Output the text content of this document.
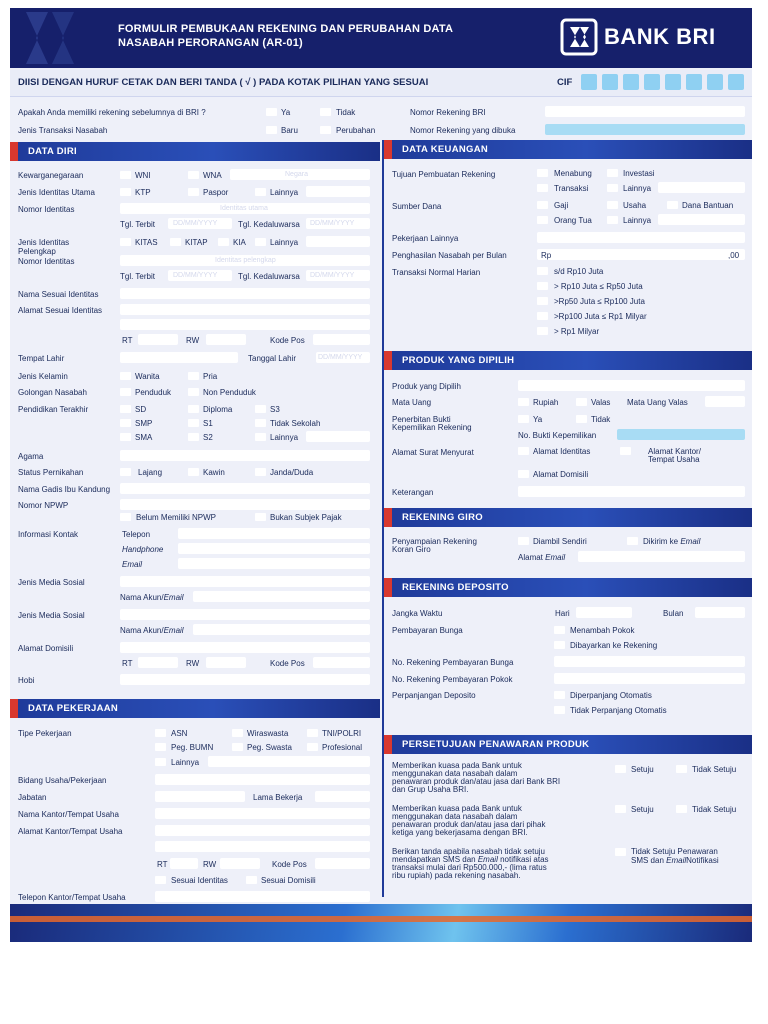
FORMULIR PEMBUKAAN REKENING DAN PERUBAHAN DATA
NASABAH PERORANGAN (AR-01)	BANK BRI
DIISI DENGAN HURUF CETAK DAN BERI TANDA ( √ ) PADA KOTAK PILIHAN YANG SESUAI	CIF
Apakah Anda memiliki rekening sebelumnya di BRI ?	Ya	Tidak	Nomor Rekening BRI
Jenis Transaksi Nasabah	Baru	Perubahan	Nomor Rekening yang dibuka
DATA DIRI
Kewarganegaraan	WNI	WNA	Negara
Jenis Identitas Utama	KTP	Paspor	Lainnya
Nomor Identitas	Identitas utama
Tgl. Terbit	DD/MM/YYYY	Tgl. Kedaluwarsa DD/MM/YYYY
Jenis Identitas
Pelengkap
KITAS	KITAP	KIA	Lainnya
Nomor Identitas	Identitas pelengkap
Tgl. Terbit	DD/MM/YYYY	Tgl. Kedaluwarsa DD/MM/YYYY
Nama Sesuai Identitas
Alamat Sesuai Identitas
RT	RW	Kode Pos
Tempat Lahir	Tanggal Lahir	DD/MM/YYYY
Jenis Kelamin	Wanita	Pria
Golongan Nasabah	Penduduk	Non Penduduk
Pendidikan Terakhir	SD	Diploma	S3
SMP	S1	Tidak Sekolah
SMA	S2	Lainnya
Agama
Status Pernikahan	Lajang	Kawin	Janda/Duda
Nama Gadis Ibu Kandung
Nomor NPWP
Belum Memiliki NPWP	Bukan Subjek Pajak
Informasi Kontak	Telepon
Handphone
Email
Jenis Media Sosial
Nama Akun/Email
Jenis Media Sosial
Nama Akun/Email
Alamat Domisili
RT	RW	Kode Pos
Hobi
DATA PEKERJAAN
Tipe Pekerjaan	ASN	Wiraswasta	TNI/POLRI
Peg. BUMN	Peg. Swasta	Profesional
Lainnya
Bidang Usaha/Pekerjaan
Jabatan	Lama Bekerja
Nama Kantor/Tempat Usaha
Alamat Kantor/Tempat Usaha
RT	RW	Kode Pos
Sesuai Identitas	Sesuai Domisili
Telepon Kantor/Tempat Usaha
DATA KEUANGAN
Tujuan Pembuatan Rekening	Menabung	Investasi
Transaksi	Lainnya
Sumber Dana	Gaji	Usaha	Dana Bantuan
Orang Tua	Lainnya
Pekerjaan Lainnya
Penghasilan Nasabah per Bulan	Rp	,00
Transaksi Normal Harian	s/d Rp10 Juta
> Rp10 Juta ≤ Rp50 Juta
>Rp50 Juta ≤ Rp100 Juta
>Rp100 Juta ≤ Rp1 Milyar
> Rp1 Milyar
PRODUK YANG DIPILIH
Produk yang Dipilih
Mata Uang	Rupiah	Valas Mata Uang Valas
Penerbitan Bukti
Kepemilikan Rekening
Ya	Tidak
No. Bukti Kepemilikan
Alamat Surat Menyurat	Alamat Identitas	Alamat Kantor/
Tempat Usaha
Alamat Domisili
Keterangan
REKENING GIRO
Penyampaian Rekening
Koran Giro
Diambil Sendiri	Dikirim ke Email
Alamat Email
REKENING DEPOSITO
Jangka Waktu	Hari	Bulan
Pembayaran Bunga	Menambah Pokok
Dibayarkan ke Rekening
No. Rekening Pembayaran Bunga
No. Rekening Pembayaran Pokok
Perpanjangan Deposito	Diperpanjang Otomatis
Tidak Perpanjang Otomatis
PERSETUJUAN PENAWARAN PRODUK
Memberikan kuasa pada Bank untuk
menggunakan data nasabah dalam
penawaran produk dan/atau jasa dari Bank BRI
dan Grup Usaha BRI.
Setuju	Tidak Setuju
Memberikan kuasa pada Bank untuk
menggunakan data nasabah dalam
penawaran produk dan/atau jasa dari pihak
ketiga yang bekerjasama dengan BRI.
Setuju	Tidak Setuju
Berikan tanda apabila nasabah tidak setuju
mendapatkan SMS dan Email notifikasi atas
transaksi mulai dari Rp500.000,- (lima ratus
ribu rupiah) pada rekening nasabah.
Tidak Setuju Penawaran
SMS dan EmailNotifikasi
